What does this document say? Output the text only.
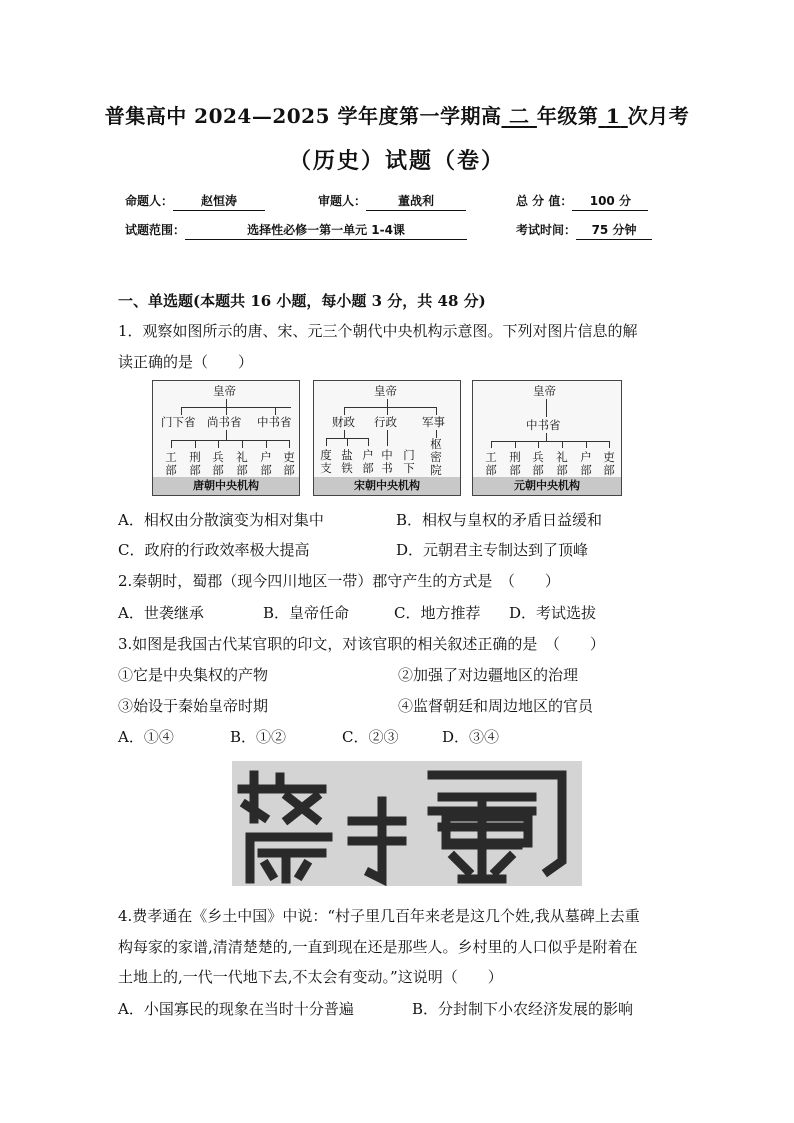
普集高中 2024—2025 学年度第一学期高 二 年级第 1 次月考
（历史）试题（卷）
命题人： 赵恒涛	审题人：	董战利	总 分 值： 100 分
试题范围：	选择性必修一第一单元 1-4课	考试时间： 75 分钟
一、单选题(本题共 16 小题，每小题 3 分，共 48 分)
1．观察如图所示的唐、宋、元三个朝代中央机构示意图。下列对图片信息的解
读正确的是（　　）
皇帝
门下省 尚书省 中书省
工
部
刑
部
兵
部
礼
部
户
部
吏
部
唐朝中央机构
皇帝
财政 行政 军事
度
支
盐
铁
户
部
中
书
门
下
枢
密
院
宋朝中央机构
皇帝
中书省
工
部
刑
部
兵
部
礼
部
户
部
吏
部
元朝中央机构
A．相权由分散演变为相对集中	B．相权与皇权的矛盾日益缓和
C．政府的行政效率极大提高	D．元朝君主专制达到了顶峰
2.秦朝时，蜀郡（现今四川地区一带）郡守产生的方式是　（　　）
A．世袭继承	B．皇帝任命	C．地方推荐 D．考试选拔
3.如图是我国古代某官职的印文，对该官职的相关叙述正确的是　（　　）
①它是中央集权的产物	②加强了对边疆地区的治理
③始设于秦始皇帝时期	④监督朝廷和周边地区的官员
A．①④	B．①②	C．②③	D．③④
4.费孝通在《乡土中国》中说：“村子里几百年来老是这几个姓,我从墓碑上去重
构每家的家谱,清清楚楚的,一直到现在还是那些人。乡村里的人口似乎是附着在
土地上的,一代一代地下去,不太会有变动。”这说明（　　）
A．小国寡民的现象在当时十分普遍	B．分封制下小农经济发展的影响
